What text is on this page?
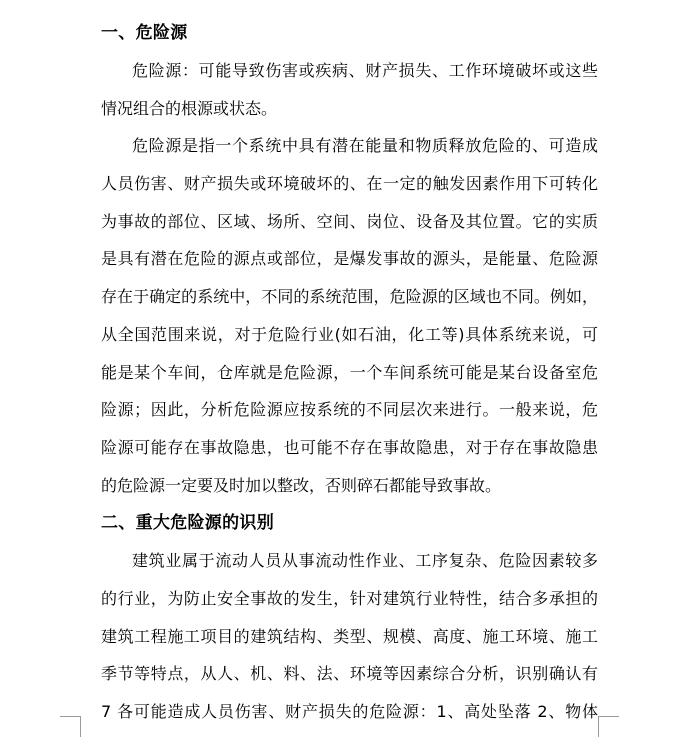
一、危险源
危险源：可能导致伤害或疾病、财产损失、工作环境破坏或这些
情况组合的根源或状态。
危险源是指一个系统中具有潜在能量和物质释放危险的、可造成
人员伤害、财产损失或环境破坏的、在一定的触发因素作用下可转化
为事故的部位、区域、场所、空间、岗位、设备及其位置。它的实质
是具有潜在危险的源点或部位，是爆发事故的源头，是能量、危险源
存在于确定的系统中，不同的系统范围，危险源的区域也不同。例如，
从全国范围来说，对于危险行业(如石油，化工等)具体系统来说，可
能是某个车间，仓库就是危险源，一个车间系统可能是某台设备室危
险源；因此，分析危险源应按系统的不同层次来进行。一般来说，危
险源可能存在事故隐患，也可能不存在事故隐患，对于存在事故隐患
的危险源一定要及时加以整改，否则碎石都能导致事故。
二、重大危险源的识别
建筑业属于流动人员从事流动性作业、工序复杂、危险因素较多
的行业，为防止安全事故的发生，针对建筑行业特性，结合多承担的
建筑工程施工项目的建筑结构、类型、规模、高度、施工环境、施工
季节等特点，从人、机、料、法、环境等因素综合分析，识别确认有
7 各可能造成人员伤害、财产损失的危险源：1、高处坠落 2、物体
